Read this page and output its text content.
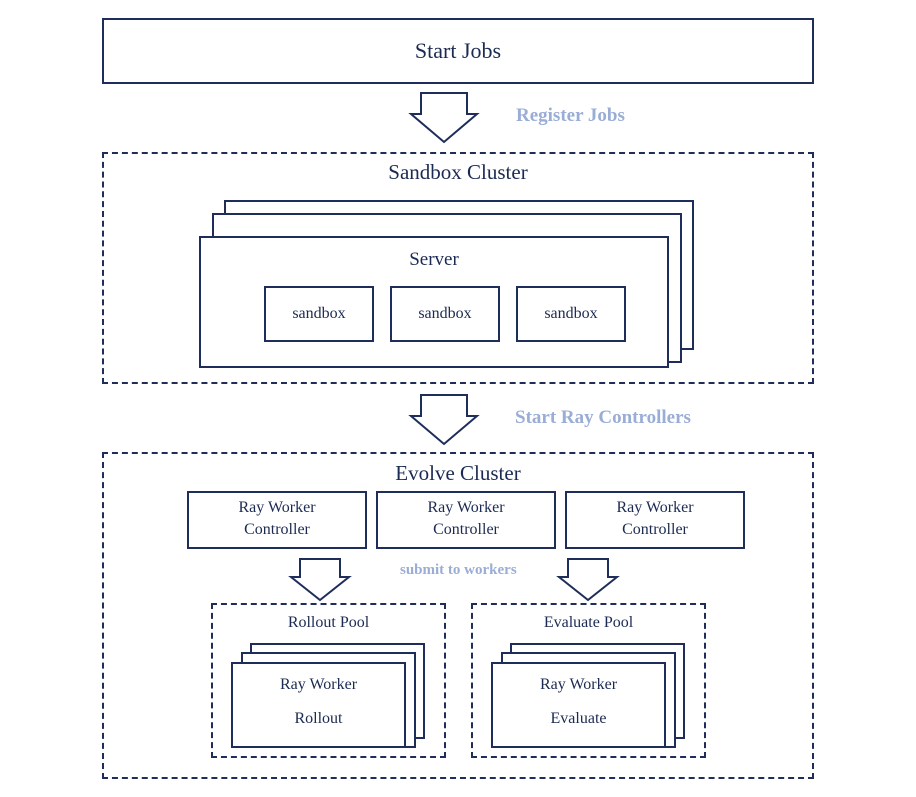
Start Jobs
Register Jobs
Sandbox Cluster
Server
sandbox	sandbox	sandbox
Start Ray Controllers
Evolve Cluster
Ray Worker
Controller
Ray Worker
Controller
Ray Worker
Controller
submit to workers
Rollout Pool
Ray Worker
Rollout
Evaluate Pool
Ray Worker
Evaluate
